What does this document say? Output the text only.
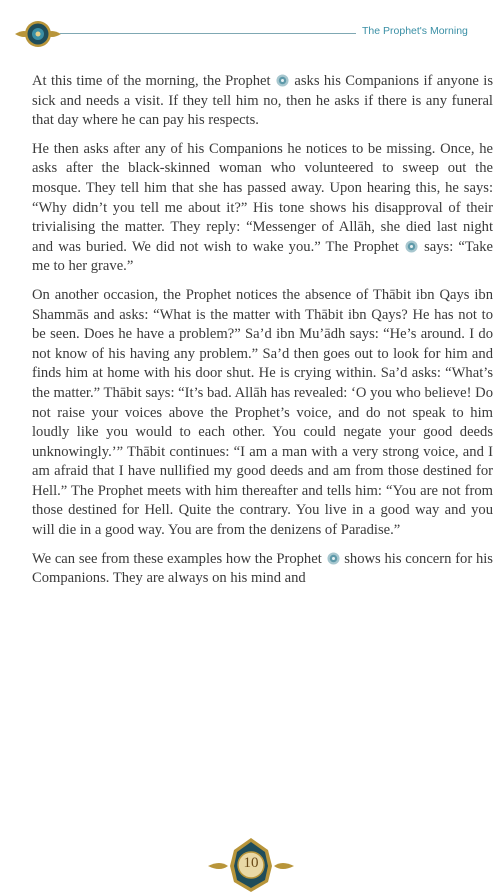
The Prophet's Morning

At this time of the morning, the Prophet asks his Companions if anyone is sick and needs a visit. If they tell him no, then he asks if there is any funeral that day where he can pay his respects.

He then asks after any of his Companions he notices to be missing. Once, he asks after the black-skinned woman who volunteered to sweep out the mosque. They tell him that she has passed away. Upon hearing this, he says: “Why didn’t you tell me about it?” His tone shows his disapproval of their trivialising the matter. They reply: “Messenger of Allāh, she died last night and was buried. We did not wish to wake you.” The Prophet says: “Take me to her grave.”

On another occasion, the Prophet notices the absence of Thābit ibn Qays ibn Shammās and asks: “What is the matter with Thābit ibn Qays? He has not to be seen. Does he have a problem?” Sa’d ibn Mu’ādh says: “He’s around. I do not know of his having any problem.” Sa’d then goes out to look for him and finds him at home with his door shut. He is crying within. Sa’d asks: “What’s the matter.” Thābit says: “It’s bad. Allāh has revealed: ‘O you who believe! Do not raise your voices above the Prophet’s voice, and do not speak to him loudly like you would to each other. You could negate your good deeds unknowingly.’” Thābit continues: “I am a man with a very strong voice, and I am afraid that I have nullified my good deeds and am from those destined for Hell.” The Prophet meets with him thereafter and tells him: “You are not from those destined for Hell. Quite the contrary. You live in a good way and you will die in a good way. You are from the denizens of Paradise.”

We can see from these examples how the Prophet shows his concern for his Companions. They are always on his mind and

10
